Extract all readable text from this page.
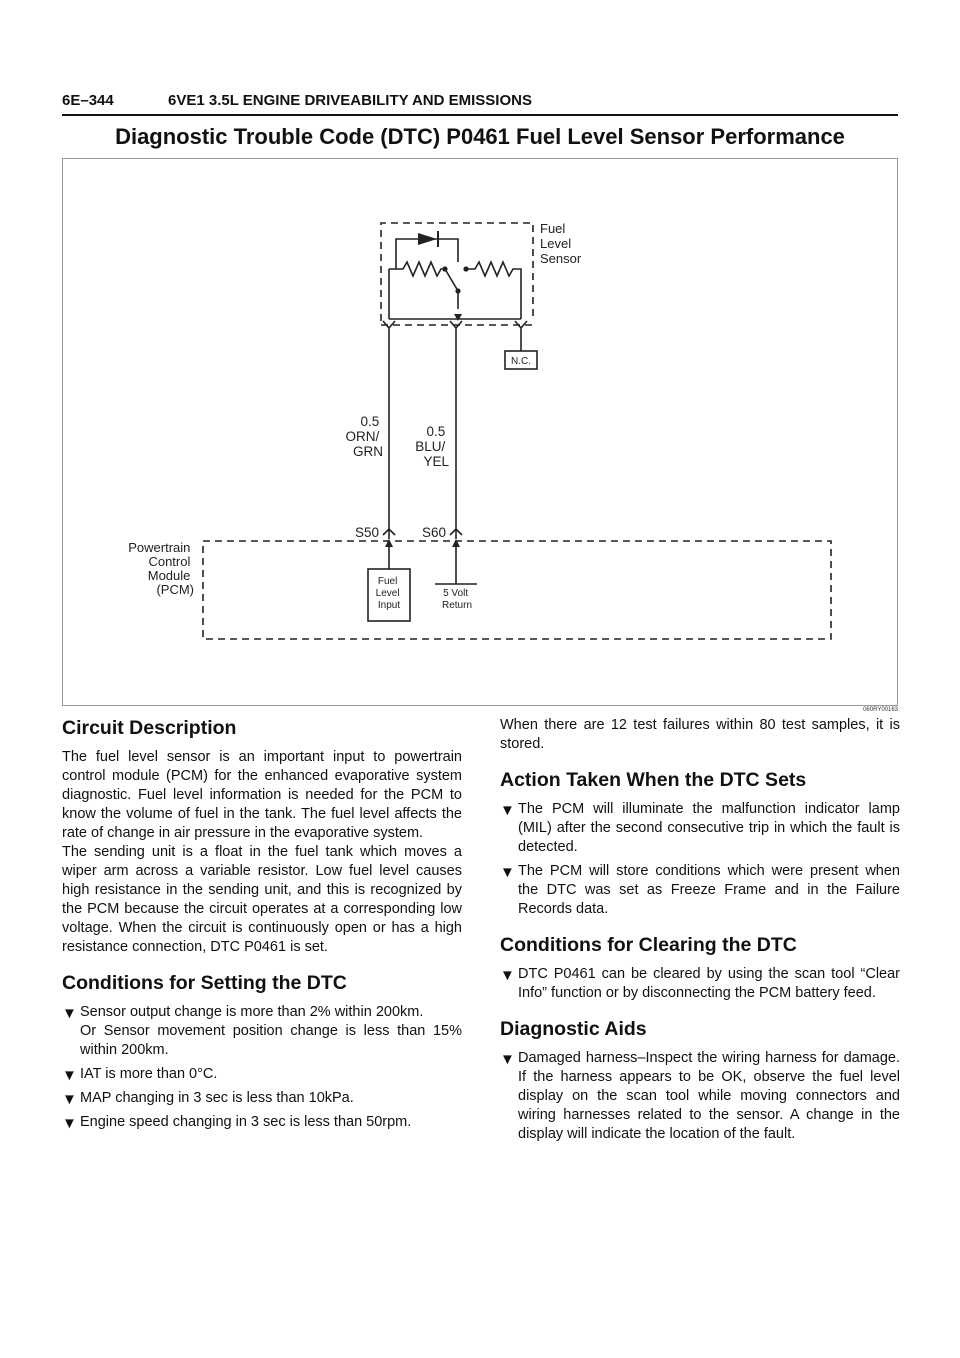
6E–344	6VE1 3.5L ENGINE DRIVEABILITY AND EMISSIONS
Diagnostic Trouble Code (DTC) P0461 Fuel Level Sensor Performance
Fuel Level Sensor
N.C.
0.5 ORN/ GRN
0.5 BLU/ YEL
S50	S60
Powertrain Control Module (PCM)
Fuel Level Input
5 Volt Return
060RY00163
Circuit Description

The fuel level sensor is an important input to powertrain control module (PCM) for the enhanced evaporative system diagnostic. Fuel level information is needed for the PCM to know the volume of fuel in the tank. The fuel level affects the rate of change in air pressure in the evaporative system.

The sending unit is a float in the fuel tank which moves a wiper arm across a variable resistor. Low fuel level causes high resistance in the sending unit, and this is recognized by the PCM because the circuit operates at a corresponding low voltage. When the circuit is continuously open or has a high resistance connection, DTC P0461 is set.

Conditions for Setting the DTC
▼ Sensor output change is more than 2% within 200km.

Or Sensor movement position change is less than 15% within 200km.

▼ IAT is more than 0°C.
▼ MAP changing in 3 sec is less than 10kPa.
▼ Engine speed changing in 3 sec is less than 50rpm.

When there are 12 test failures within 80 test samples, it is stored.

Action Taken When the DTC Sets
▼ The PCM will illuminate the malfunction indicator lamp (MIL) after the second consecutive trip in which the fault is detected.
▼ The PCM will store conditions which were present when the DTC was set as Freeze Frame and in the Failure Records data.
Conditions for Clearing the DTC
▼ DTC P0461 can be cleared by using the scan tool “Clear Info” function or by disconnecting the PCM battery feed.
Diagnostic Aids
▼ Damaged harness–Inspect the wiring harness for damage. If the harness appears to be OK, observe the fuel level display on the scan tool while moving connectors and wiring harnesses related to the sensor. A change in the display will indicate the location of the fault.
